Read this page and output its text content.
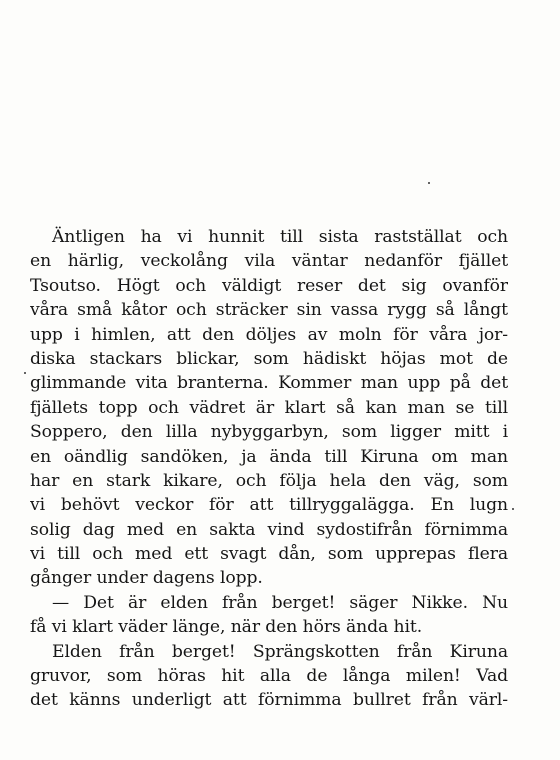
Äntligen ha vi hunnit till sista rastställat och
en härlig, veckolång vila väntar nedanför fjället
Tsoutso. Högt och väldigt reser det sig ovanför
våra små kåtor och sträcker sin vassa rygg så långt
upp i himlen, att den döljes av moln för våra jor-
diska stackars blickar, som hädiskt höjas mot de
glimmande vita branterna. Kommer man upp på det
fjällets topp och vädret är klart så kan man se till
Soppero, den lilla nybyggarbyn, som ligger mitt i
en oändlig sandöken, ja ända till Kiruna om man
har en stark kikare, och följa hela den väg, som
vi behövt veckor för att tillryggalägga. En lugn
solig dag med en sakta vind sydostifrån förnimma
vi till och med ett svagt dån, som upprepas flera
gånger under dagens lopp.
— Det är elden från berget! säger Nikke. Nu
få vi klart väder länge, när den hörs ända hit.
Elden från berget! Sprängskotten från Kiruna
gruvor, som höras hit alla de långa milen! Vad
det känns underligt att förnimma bullret från värl-
